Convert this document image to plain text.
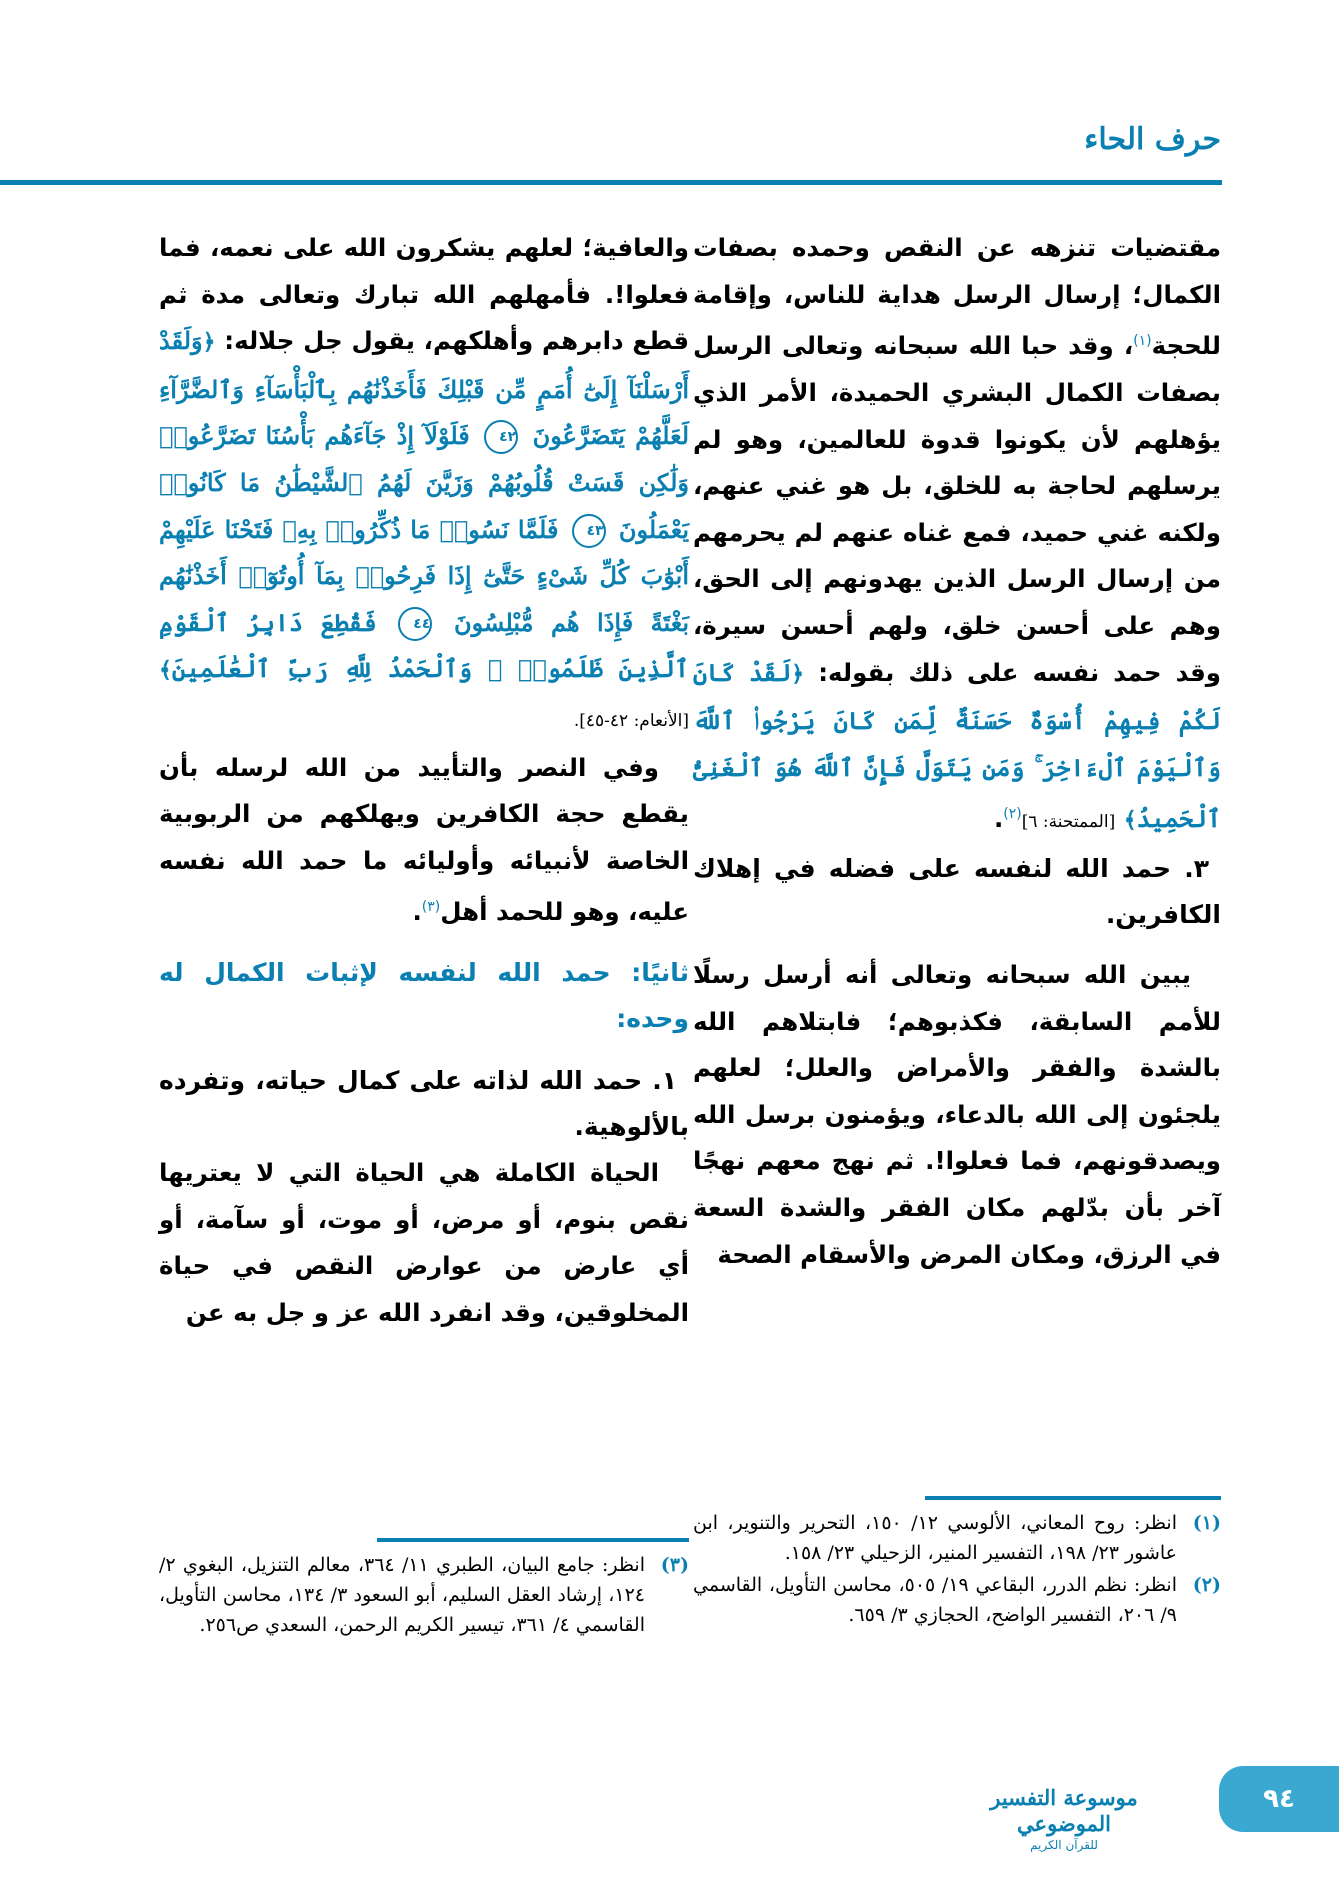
حرف الحاء

مقتضيات تنزهه عن النقص وحمده بصفات الكمال؛ إرسال الرسل هداية للناس، وإقامة للحجة$^{(١)}$، وقد حبا الله سبحانه وتعالى الرسل بصفات الكمال البشري الحميدة، الأمر الذي يؤهلهم لأن يكونوا قدوة للعالمين، وهو لم يرسلهم لحاجة به للخلق، بل هو غني عنهم، ولكنه غني حميد، فمع غناه عنهم لم يحرمهم من إرسال الرسل الذين يهدونهم إلى الحق، وهم على أحسن خلق، ولهم أحسن سيرة، وقد حمد نفسه على ذلك بقوله: ﴿لَقَدْ كَانَ لَكُمْ فِيهِمْ أُسْوَةٌ حَسَنَةٌ لِّمَن كَانَ يَرْجُوا۟ ٱللَّهَ وَٱلْيَوْمَ ٱلْءَاخِرَ ۚ وَمَن يَتَوَلَّ فَإِنَّ ٱللَّهَ هُوَ ٱلْغَنِىُّ ٱلْحَمِيدُ﴾ [الممتحنة: ٦]$^{(٢)}$.

٣. حمد الله لنفسه على فضله في إهلاك الكافرين.

يبين الله سبحانه وتعالى أنه أرسل رسلًا للأمم السابقة، فكذبوهم؛ فابتلاهم الله بالشدة والفقر والأمراض والعلل؛ لعلهم يلجئون إلى الله بالدعاء، ويؤمنون برسل الله ويصدقونهم، فما فعلوا!. ثم نهج معهم نهجًا آخر بأن بدّلهم مكان الفقر والشدة السعة في الرزق، ومكان المرض والأسقام الصحة

والعافية؛ لعلهم يشكرون الله على نعمه، فما فعلوا!. فأمهلهم الله تبارك وتعالى مدة ثم قطع دابرهم وأهلكهم، يقول جل جلاله: ﴿وَلَقَدْ أَرْسَلْنَآ إِلَىٰٓ أُمَمٍ مِّن قَبْلِكَ فَأَخَذْنَٰهُم بِٱلْبَأْسَآءِ وَٱلضَّرَّآءِ لَعَلَّهُمْ يَتَضَرَّعُونَ ٤٢ فَلَوْلَآ إِذْ جَآءَهُم بَأْسُنَا تَضَرَّعُوا۟ وَلَٰكِن قَسَتْ قُلُوبُهُمْ وَزَيَّنَ لَهُمُ ٱلشَّيْطَٰنُ مَا كَانُوا۟ يَعْمَلُونَ ٤٣ فَلَمَّا نَسُوا۟ مَا ذُكِّرُوا۟ بِهِۦ فَتَحْنَا عَلَيْهِمْ أَبْوَٰبَ كُلِّ شَىْءٍ حَتَّىٰٓ إِذَا فَرِحُوا۟ بِمَآ أُوتُوٓا۟ أَخَذْنَٰهُم بَغْتَةً فَإِذَا هُم مُّبْلِسُونَ ٤٤ فَقُطِعَ دَابِرُ ٱلْقَوْمِ ٱلَّذِينَ ظَلَمُوا۟ ۚ وَٱلْحَمْدُ لِلَّهِ رَبِّ ٱلْعَٰلَمِينَ﴾ [الأنعام: ٤٢-٤٥].

وفي النصر والتأييد من الله لرسله بأن يقطع حجة الكافرين ويهلكهم من الربوبية الخاصة لأنبيائه وأوليائه ما حمد الله نفسه عليه، وهو للحمد أهل$^{(٣)}$.

ثانيًا: حمد الله لنفسه لإثبات الكمال له وحده:

١. حمد الله لذاته على كمال حياته، وتفرده بالألوهية.

الحياة الكاملة هي الحياة التي لا يعتريها نقص بنوم، أو مرض، أو موت، أو سآمة، أو أي عارض من عوارض النقص في حياة المخلوقين، وقد انفرد الله عز و جل به عن

(١)
انظر: روح المعاني، الألوسي ١٢/ ١٥٠، التحرير والتنوير، ابن عاشور ٢٣/ ١٩٨، التفسير المنير، الزحيلي ٢٣/ ١٥٨.
(٢)
انظر: نظم الدرر، البقاعي ١٩/ ٥٠٥، محاسن التأويل، القاسمي ٩/ ٢٠٦، التفسير الواضح، الحجازي ٣/ ٦٥٩.
(٣)
انظر: جامع البيان، الطبري ١١/ ٣٦٤، معالم التنزيل، البغوي ٢/ ١٢٤، إرشاد العقل السليم، أبو السعود ٣/ ١٣٤، محاسن التأويل، القاسمي ٤/ ٣٦١، تيسير الكريم الرحمن، السعدي ص٢٥٦.
موسوعة التفسير الموضوعي
للقرآن الكريم
٩٤
